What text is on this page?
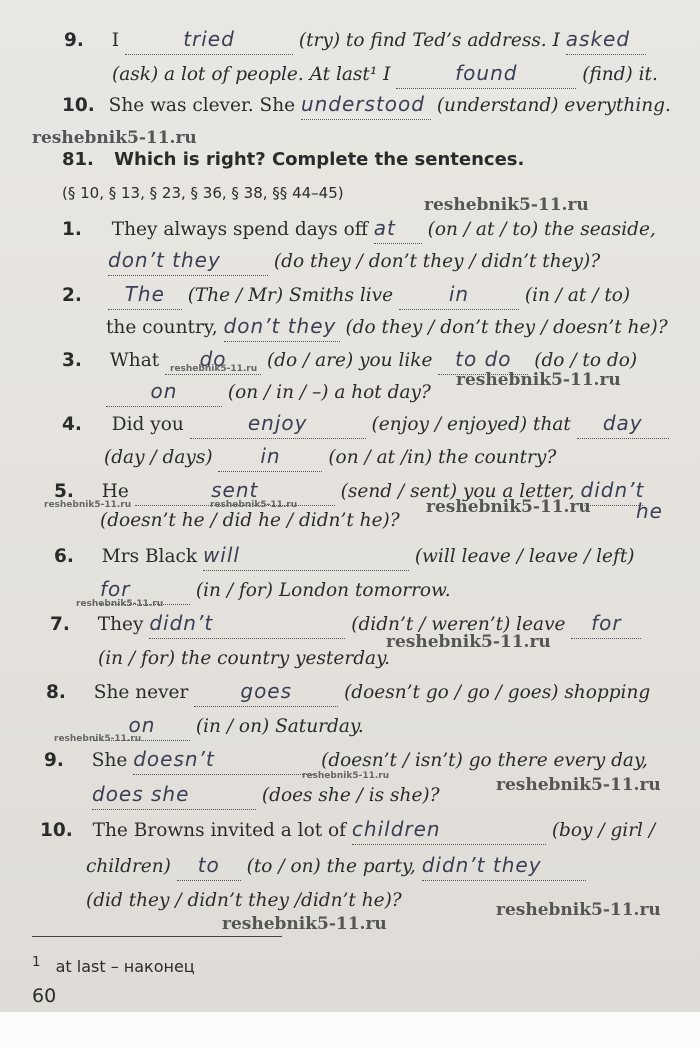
9. I	tried	(try) to find Ted’s address. I asked
(ask) a lot of people. At last¹ I	found	(find) it.
10. She was clever. She understood (understand) everything.
reshebnik5-11.ru
81. Which is right? Complete the sentences.
(§ 10, § 13, § 23, § 36, § 38, §§ 44–45)
reshebnik5-11.ru
1. They always spend days off at (on / at / to) the seaside,
don’t they	(do they / don’t they / didn’t they)?
2. The (The / Mr) Smiths live in	(in / at / to)
the country, don’t they (do they / don’t they / doesn’t he)?
3. What do (do / are) you like to do (do / to do)
reshebnik5-11.ru
on	(on / in / –) a hot day?
reshebnik5-11.ru
4. Did you	enjoy	(enjoy / enjoyed) that day
(day / days) in	(on / at /in) the country?
5. He	sent	(send / sent) you a letter, didn’t
reshebnik5-11.ru	reshebnik5-11.ru
(doesn’t he / did he / didn’t he)?
reshebnik5-11.ru he
6. Mrs Black will	(will leave / leave / left)
for	(in / for) London tomorrow.
reshebnik5-11.ru
7. They didn’t	(didn’t / weren’t) leave for
reshebnik5-11.ru
(in / for) the country yesterday.
8. She never goes	(doesn’t go / go / goes) shopping
on (in / on) Saturday.
reshebnik5-11.ru
9. She doesn’t	(doesn’t / isn’t) go there every day,
reshebnik5-11.ru	reshebnik5-11.ru
does she	(does she / is she)?
10. The Browns invited a lot of children	(boy / girl /
children) to (to / on) the party, didn’t they
(did they / didn’t they /didn’t he)?	reshebnik5-11.ru
reshebnik5-11.ru
$^1$ at last – наконец
60
